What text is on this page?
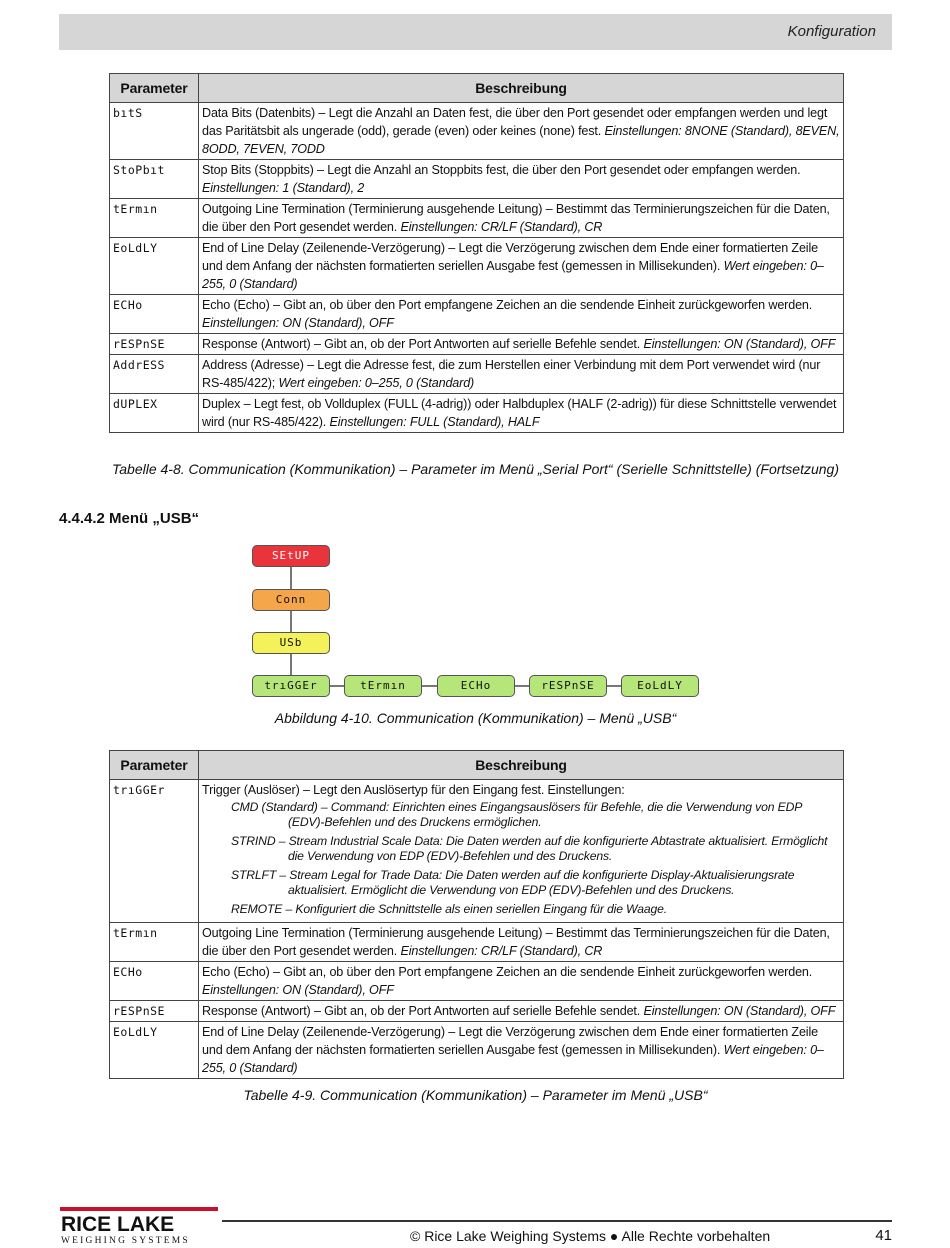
Konfiguration
Parameter	Beschreibung
bıtS	Data Bits (Datenbits) – Legt die Anzahl an Daten fest, die über den Port gesendet oder empfangen werden und legt das Paritätsbit als ungerade (odd), gerade (even) oder keines (none) fest. Einstellungen: 8NONE (Standard), 8EVEN, 8ODD, 7EVEN, 7ODD
StoPbıt	Stop Bits (Stoppbits) – Legt die Anzahl an Stoppbits fest, die über den Port gesendet oder empfangen werden. Einstellungen: 1 (Standard), 2
tErmın	Outgoing Line Termination (Terminierung ausgehende Leitung) – Bestimmt das Terminierungszeichen für die Daten, die über den Port gesendet werden. Einstellungen: CR/LF (Standard), CR
EoLdLY	End of Line Delay (Zeilenende-Verzögerung) – Legt die Verzögerung zwischen dem Ende einer formatierten Zeile und dem Anfang der nächsten formatierten seriellen Ausgabe fest (gemessen in Millisekunden). Wert eingeben: 0–255, 0 (Standard)
ECHo	Echo (Echo) – Gibt an, ob über den Port empfangene Zeichen an die sendende Einheit zurückgeworfen werden. Einstellungen: ON (Standard), OFF
rESPnSE	Response (Antwort) – Gibt an, ob der Port Antworten auf serielle Befehle sendet. Einstellungen: ON (Standard), OFF
AddrESS	Address (Adresse) – Legt die Adresse fest, die zum Herstellen einer Verbindung mit dem Port verwendet wird (nur RS-485/422); Wert eingeben: 0–255, 0 (Standard)
dUPLEX	Duplex – Legt fest, ob Vollduplex (FULL (4-adrig)) oder Halbduplex (HALF (2-adrig)) für diese Schnittstelle verwendet wird (nur RS-485/422). Einstellungen: FULL (Standard), HALF
Tabelle 4-8. Communication (Kommunikation) – Parameter im Menü „Serial Port“ (Serielle Schnittstelle) (Fortsetzung)
4.4.4.2 Menü „USB“
SEtUP
Conn
USb
trıGGEr	tErmın	ECHo	rESPnSE	EoLdLY
Abbildung 4-10. Communication (Kommunikation) – Menü „USB“
Parameter	Beschreibung
trıGGEr	Trigger (Auslöser) – Legt den Auslösertyp für den Eingang fest. Einstellungen:
CMD (Standard) – Command: Einrichten eines Eingangsauslösers für Befehle, die die Verwendung von EDP (EDV)-Befehlen und des Druckens ermöglichen.
STRIND – Stream Industrial Scale Data: Die Daten werden auf die konfigurierte Abtastrate aktualisiert. Ermöglicht die Verwendung von EDP (EDV)-Befehlen und des Druckens.
STRLFT – Stream Legal for Trade Data: Die Daten werden auf die konfigurierte Display-Aktualisierungsrate aktualisiert. Ermöglicht die Verwendung von EDP (EDV)-Befehlen und des Druckens.
REMOTE – Konfiguriert die Schnittstelle als einen seriellen Eingang für die Waage.

tErmın	Outgoing Line Termination (Terminierung ausgehende Leitung) – Bestimmt das Terminierungszeichen für die Daten, die über den Port gesendet werden. Einstellungen: CR/LF (Standard), CR
ECHo	Echo (Echo) – Gibt an, ob über den Port empfangene Zeichen an die sendende Einheit zurückgeworfen werden. Einstellungen: ON (Standard), OFF
rESPnSE	Response (Antwort) – Gibt an, ob der Port Antworten auf serielle Befehle sendet. Einstellungen: ON (Standard), OFF
EoLdLY	End of Line Delay (Zeilenende-Verzögerung) – Legt die Verzögerung zwischen dem Ende einer formatierten Zeile und dem Anfang der nächsten formatierten seriellen Ausgabe fest (gemessen in Millisekunden). Wert eingeben: 0–255, 0 (Standard)
Tabelle 4-9. Communication (Kommunikation) – Parameter im Menü „USB“
RICE LAKE
WEIGHING SYSTEMS	© Rice Lake Weighing Systems ● Alle Rechte vorbehalten	41
